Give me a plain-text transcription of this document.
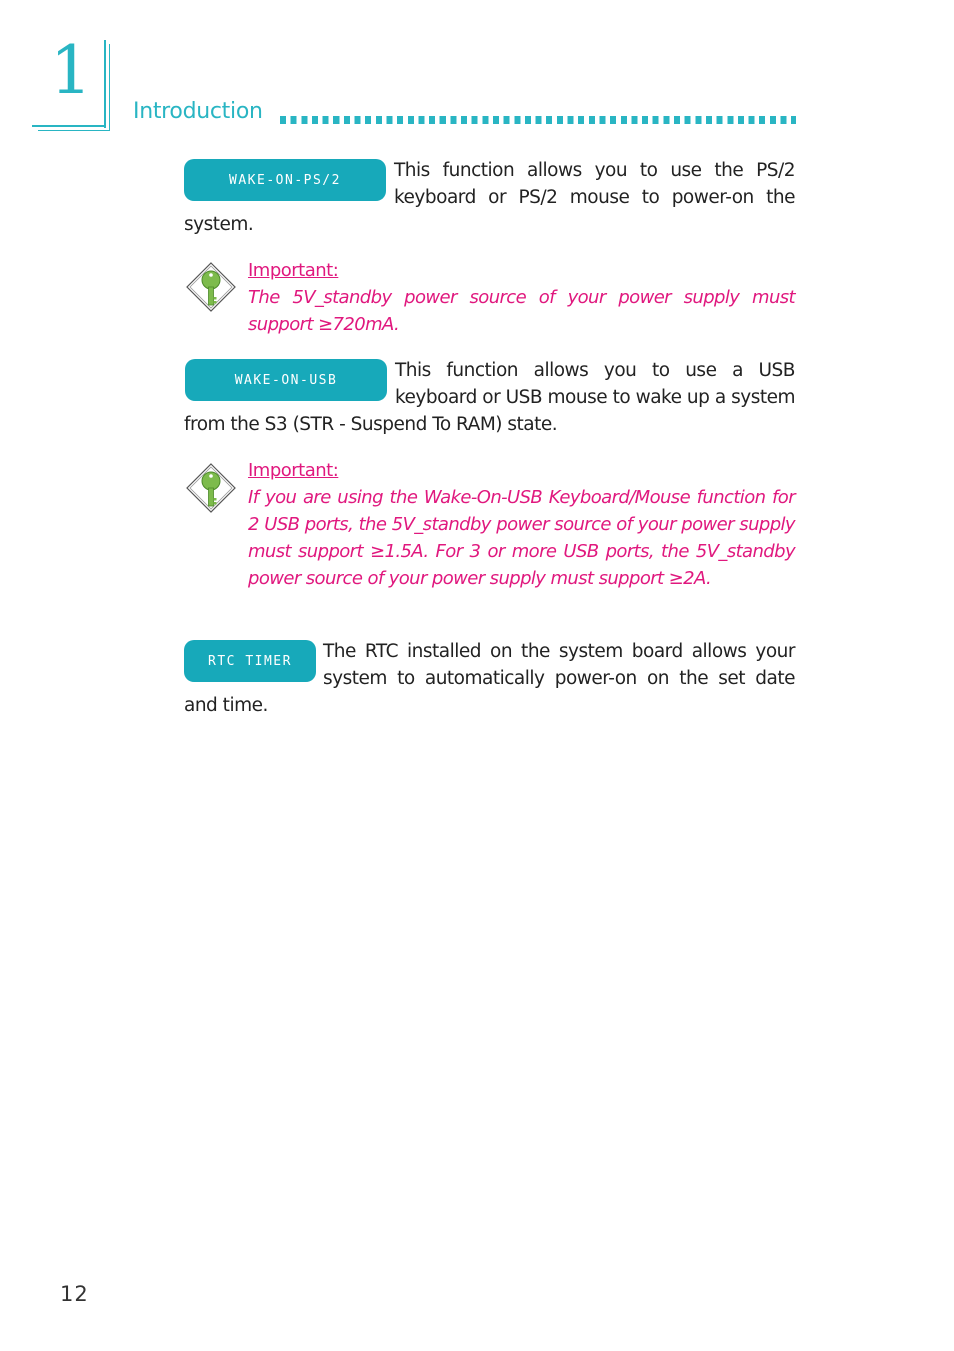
1
Introduction
WAKE-ON-PS/2	This function allows you to use the PS/2 keyboard or PS/2 mouse to power-on the system.
Important:
The 5V_standby power source of your power supply must support ≥720mA.
WAKE-ON-USB	This function allows you to use a USB keyboard or USB mouse to wake up a system from the S3 (STR - Suspend To RAM) state.
Important:
If you are using the Wake-On-USB Keyboard/Mouse function for 2 USB ports, the 5V_standby power source of your power supply must support ≥1.5A. For 3 or more USB ports, the 5V_standby power source of your power supply must support ≥2A.
RTC TIMER The RTC installed on the system board allows your system to automatically power-on on the set date and time.
12
